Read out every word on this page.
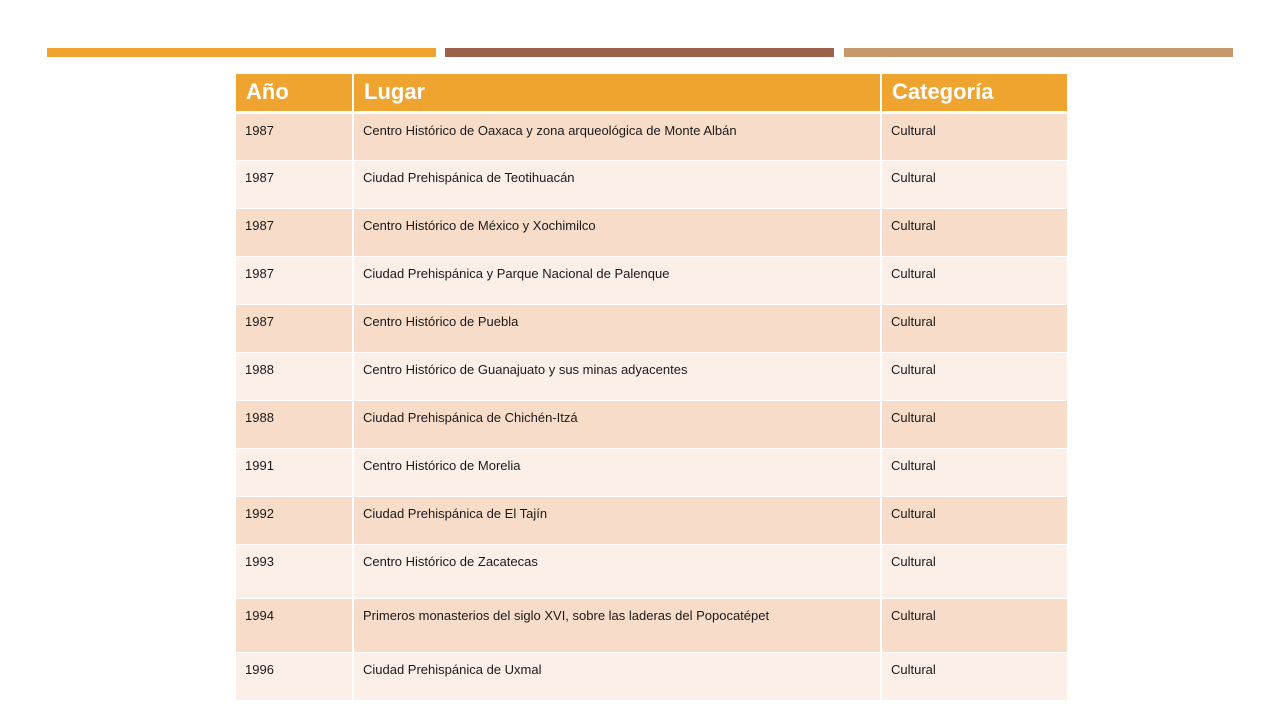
Año	Lugar	Categoría
1987	Centro Histórico de Oaxaca y zona arqueológica de Monte Albán	Cultural
1987	Ciudad Prehispánica de Teotihuacán	Cultural
1987	Centro Histórico de México y Xochimilco	Cultural
1987	Ciudad Prehispánica y Parque Nacional de Palenque	Cultural
1987	Centro Histórico de Puebla	Cultural
1988	Centro Histórico de Guanajuato y sus minas adyacentes	Cultural
1988	Ciudad Prehispánica de Chichén-Itzá	Cultural
1991	Centro Histórico de Morelia	Cultural
1992	Ciudad Prehispánica de El Tajín	Cultural
1993	Centro Histórico de Zacatecas	Cultural
1994	Primeros monasterios del siglo XVI, sobre las laderas del Popocatépet	Cultural
1996	Ciudad Prehispánica de Uxmal	Cultural
